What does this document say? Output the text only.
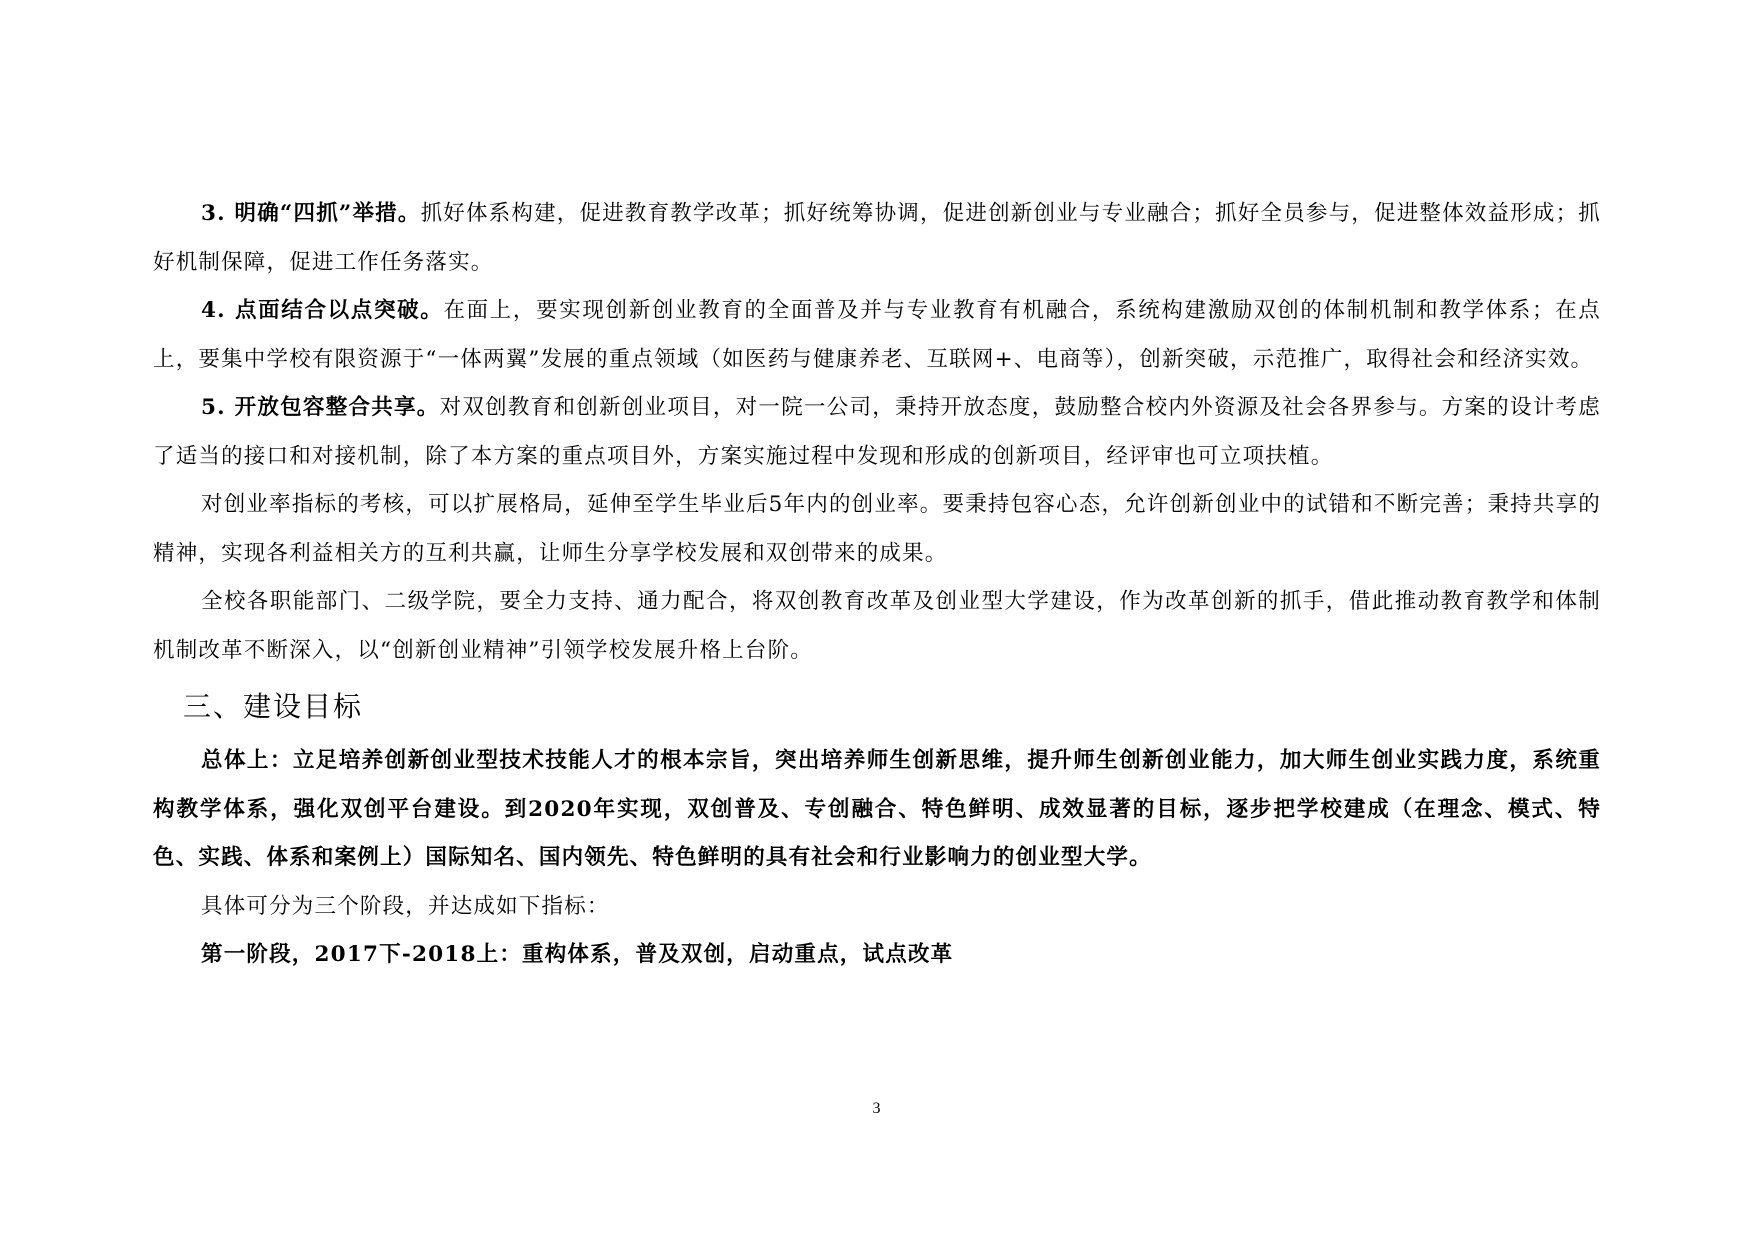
3. 明确“四抓”举措。抓好体系构建，促进教育教学改革；抓好统筹协调，促进创新创业与专业融合；抓好全员参与，促进整体效益形成；抓好机制保障，促进工作任务落实。

4. 点面结合以点突破。在面上，要实现创新创业教育的全面普及并与专业教育有机融合，系统构建激励双创的体制机制和教学体系；在点上，要集中学校有限资源于“一体两翼”发展的重点领域（如医药与健康养老、互联网+、电商等），创新突破，示范推广，取得社会和经济实效。

5. 开放包容整合共享。对双创教育和创新创业项目，对一院一公司，秉持开放态度，鼓励整合校内外资源及社会各界参与。方案的设计考虑了适当的接口和对接机制，除了本方案的重点项目外，方案实施过程中发现和形成的创新项目，经评审也可立项扶植。

对创业率指标的考核，可以扩展格局，延伸至学生毕业后5年内的创业率。要秉持包容心态，允许创新创业中的试错和不断完善；秉持共享的精神，实现各利益相关方的互利共赢，让师生分享学校发展和双创带来的成果。

全校各职能部门、二级学院，要全力支持、通力配合，将双创教育改革及创业型大学建设，作为改革创新的抓手，借此推动教育教学和体制机制改革不断深入，以“创新创业精神”引领学校发展升格上台阶。

三、建设目标

总体上：立足培养创新创业型技术技能人才的根本宗旨，突出培养师生创新思维，提升师生创新创业能力，加大师生创业实践力度，系统重构教学体系，强化双创平台建设。到2020年实现，双创普及、专创融合、特色鲜明、成效显著的目标，逐步把学校建成（在理念、模式、特色、实践、体系和案例上）国际知名、国内领先、特色鲜明的具有社会和行业影响力的创业型大学。

具体可分为三个阶段，并达成如下指标：

第一阶段，2017下-2018上：重构体系，普及双创，启动重点，试点改革

3
